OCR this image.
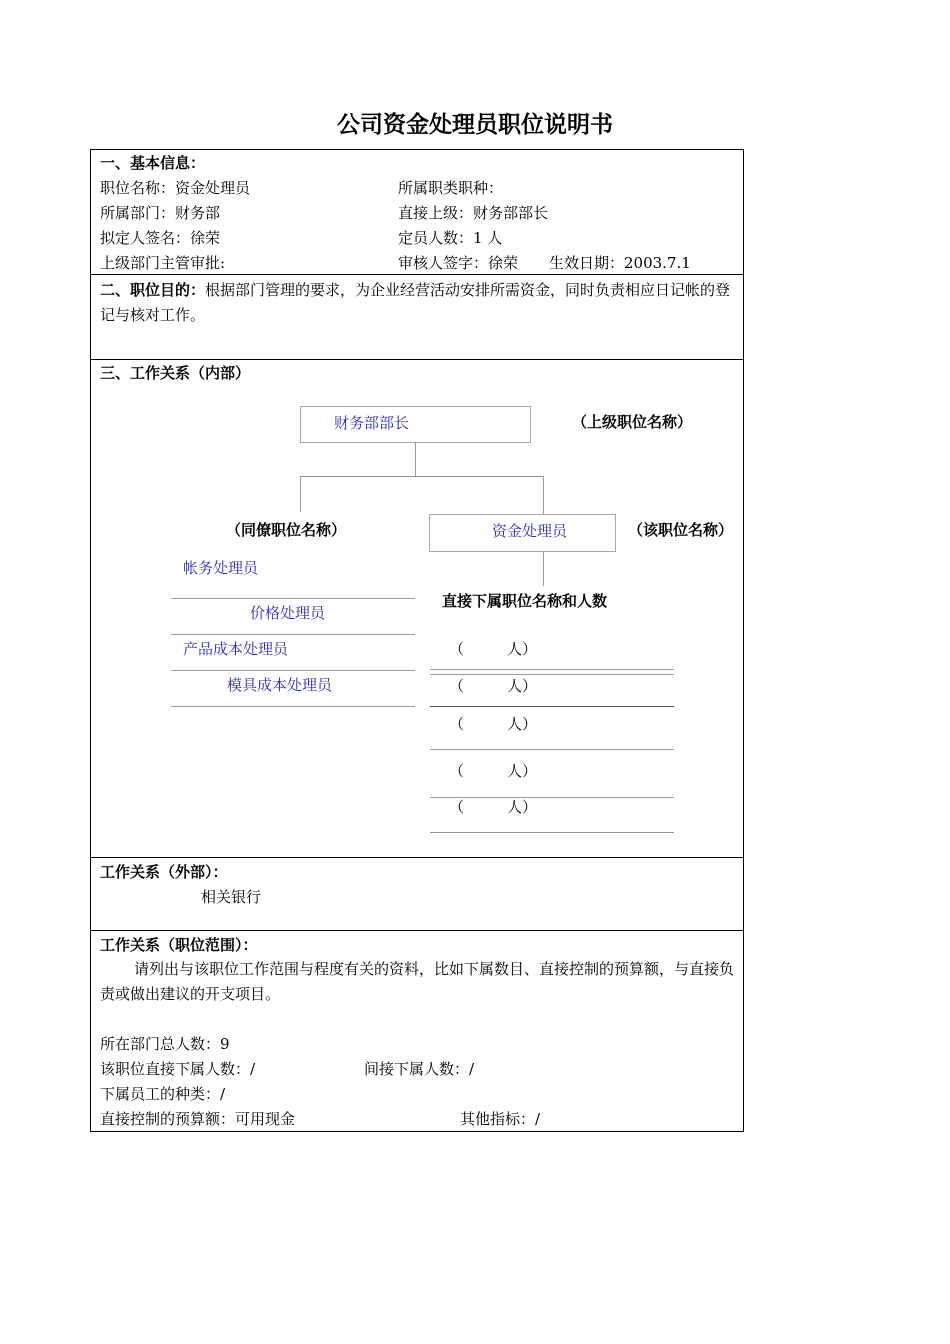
公司资金处理员职位说明书
一、基本信息：
职位名称：资金处理员	所属职类职种：
所属部门：财务部	直接上级：财务部部长
拟定人签名：徐荣	定员人数：1 人
上级部门主管审批:	审核人签字：徐荣 生效日期：2003.7.1
二、职位目的：根据部门管理的要求，为企业经营活动安排所需资金，同时负责相应日记帐的登记与核对工作。
三、工作关系（内部）
财务部部长	（上级职位名称）
（同僚职位名称）	资金处理员	（该职位名称）
帐务处理员
价格处理员
产品成本处理员
模具成本处理员
直接下属职位名称和人数
（	人）
（	人）
（	人）
（	人）
（	人）
工作关系（外部）：
相关银行
工作关系（职位范围）：
请列出与该职位工作范围与程度有关的资料，比如下属数目、直接控制的预算额，与直接负责或做出建议的开支项目。
所在部门总人数：9
该职位直接下属人数：/	间接下属人数：/
下属员工的种类：/
直接控制的预算额：可用现金	其他指标：/
